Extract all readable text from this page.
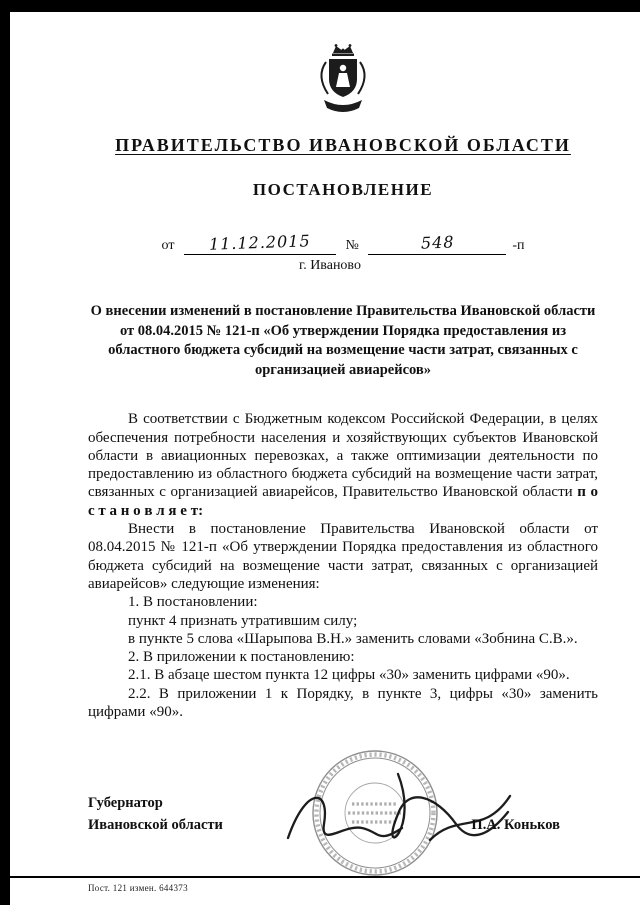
ПРАВИТЕЛЬСТВО ИВАНОВСКОЙ ОБЛАСТИ
ПОСТАНОВЛЕНИЕ
от 11.12.2015 №	548	-п
г. Иваново
О внесении изменений в постановление Правительства Ивановской области от 08.04.2015 № 121-п «Об утверждении Порядка предоставления из областного бюджета субсидий на возмещение части затрат, связанных с организацией авиарейсов»

В соответствии с Бюджетным кодексом Российской Федерации, в целях обеспечения потребности населения и хозяйствующих субъектов Ивановской области в авиационных перевозках, а также оптимизации деятельности по предоставлению из областного бюджета субсидий на возмещение части затрат, связанных с организацией авиарейсов, Правительство Ивановской области п о с т а н о в л я е т:

Внести в постановление Правительства Ивановской области от 08.04.2015 № 121-п «Об утверждении Порядка предоставления из областного бюджета субсидий на возмещение части затрат, связанных с организацией авиарейсов» следующие изменения:

1. В постановлении:

пункт 4 признать утратившим силу;

в пункте 5 слова «Шарыпова В.Н.» заменить словами «Зобнина С.В.».

2. В приложении к постановлению:

2.1. В абзаце шестом пункта 12 цифры «30» заменить цифрами «90».

2.2. В приложении 1 к Порядку, в пункте 3, цифры «30» заменить цифрами «90».

Губернатор
Ивановской области	П.А. Коньков
Пост. 121 измен. 644373
